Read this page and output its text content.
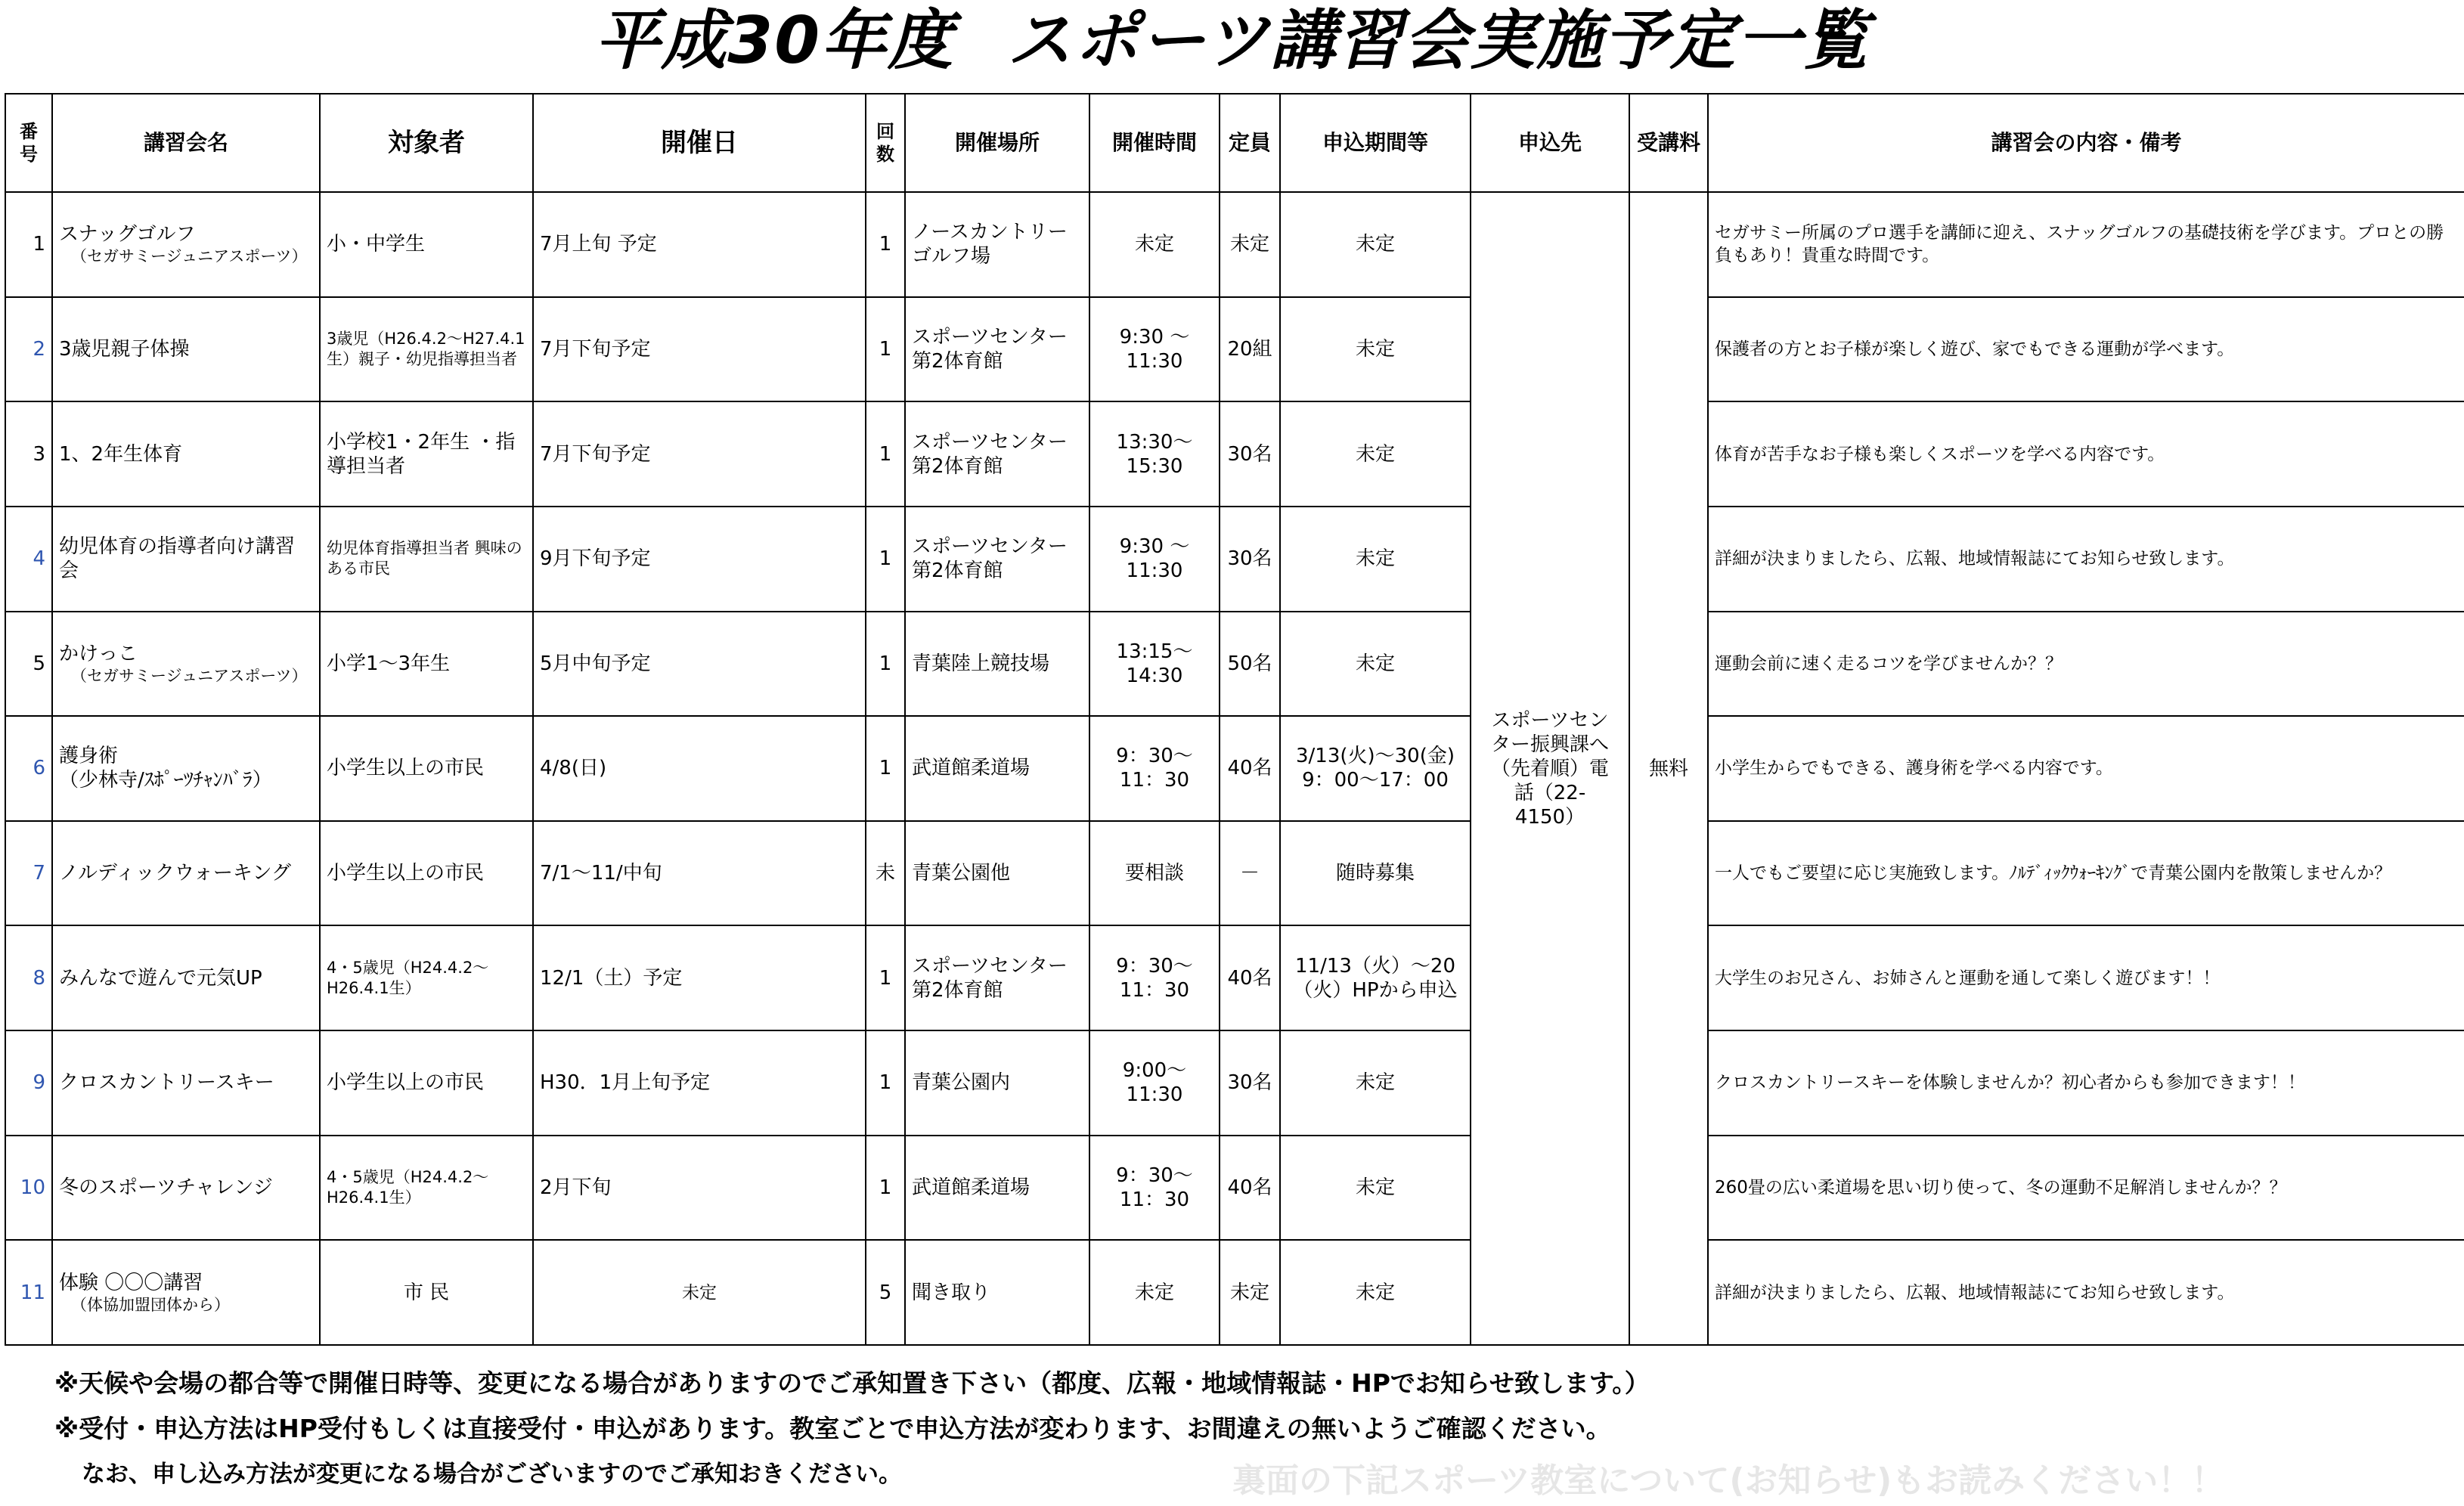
平成30年度 スポーツ講習会実施予定一覧
番号	講習会名	対象者	開催日	回数	開催場所	開催時間	定員	申込期間等	申込先	受講料	講習会の内容・備考
1	スナッグゴルフ
（セガサミージュニアスポーツ）	小・中学生	7月上旬 予定	1	ノースカントリーゴルフ場	未定	未定	未定	スポーツセンター振興課へ（先着順）電話（22-4150）	無料	セガサミー所属のプロ選手を講師に迎え、スナッグゴルフの基礎技術を学びます。プロとの勝負もあり！貴重な時間です。
2	3歳児親子体操	3歳児（H26.4.2～H27.4.1生）親子・幼児指導担当者	7月下旬予定	1	スポーツセンター第2体育館	9:30 ～11:30	20組	未定			保護者の方とお子様が楽しく遊び、家でもできる運動が学べます。
3	1、2年生体育	小学校1・2年生 ・指導担当者	7月下旬予定	1	スポーツセンター第2体育館	13:30～15:30	30名	未定			体育が苦手なお子様も楽しくスポーツを学べる内容です。
4	幼児体育の指導者向け講習会	幼児体育指導担当者 興味のある市民	9月下旬予定	1	スポーツセンター第2体育館	9:30 ～11:30	30名	未定			詳細が決まりましたら、広報、地域情報誌にてお知らせ致します。
5	かけっこ
（セガサミージュニアスポーツ）	小学1～3年生	5月中旬予定	1	青葉陸上競技場	13:15～14:30	50名	未定			運動会前に速く走るコツを学びませんか？？
6	護身術
（少林寺/ｽﾎﾟｰﾂﾁｬﾝﾊﾞﾗ）	小学生以上の市民	4/8(日)	1	武道館柔道場	9：30～11：30	40名	3/13(火)～30(金) 9：00～17：00			小学生からでもできる、護身術を学べる内容です。
7	ノルディックウォーキング	小学生以上の市民	7/1～11/中旬	未	青葉公園他	要相談	－	随時募集			一人でもご要望に応じ実施致します。ﾉﾙﾃﾞｨｯｸｳｫｰｷﾝｸﾞで青葉公園内を散策しませんか？
8	みんなで遊んで元気UP	4・5歳児（H24.4.2～H26.4.1生）	12/1（土）予定	1	スポーツセンター第2体育館	9：30～11：30	40名	11/13（火）～20（火）HPから申込			大学生のお兄さん、お姉さんと運動を通して楽しく遊びます！！
9	クロスカントリースキー	小学生以上の市民	H30．1月上旬予定	1	青葉公園内	9:00～11:30	30名	未定			クロスカントリースキーを体験しませんか？初心者からも参加できます！！
10	冬のスポーツチャレンジ	4・5歳児（H24.4.2～H26.4.1生）	2月下旬	1	武道館柔道場	9：30～11：30	40名	未定			260畳の広い柔道場を思い切り使って、冬の運動不足解消しませんか？？
11	体験 〇〇〇講習
（体協加盟団体から）	市 民	未定	5	聞き取り	未定	未定	未定			詳細が決まりましたら、広報、地域情報誌にてお知らせ致します。
※天候や会場の都合等で開催日時等、変更になる場合がありますのでご承知置き下さい（都度、広報・地域情報誌・HPでお知らせ致します。）
※受付・申込方法はHP受付もしくは直接受付・申込があります。教室ごとで申込方法が変わります、お間違えの無いようご確認ください。
なお、申し込み方法が変更になる場合がございますのでご承知おきください。	裏面の下記スポーツ教室について(お知らせ)もお読みください！！
